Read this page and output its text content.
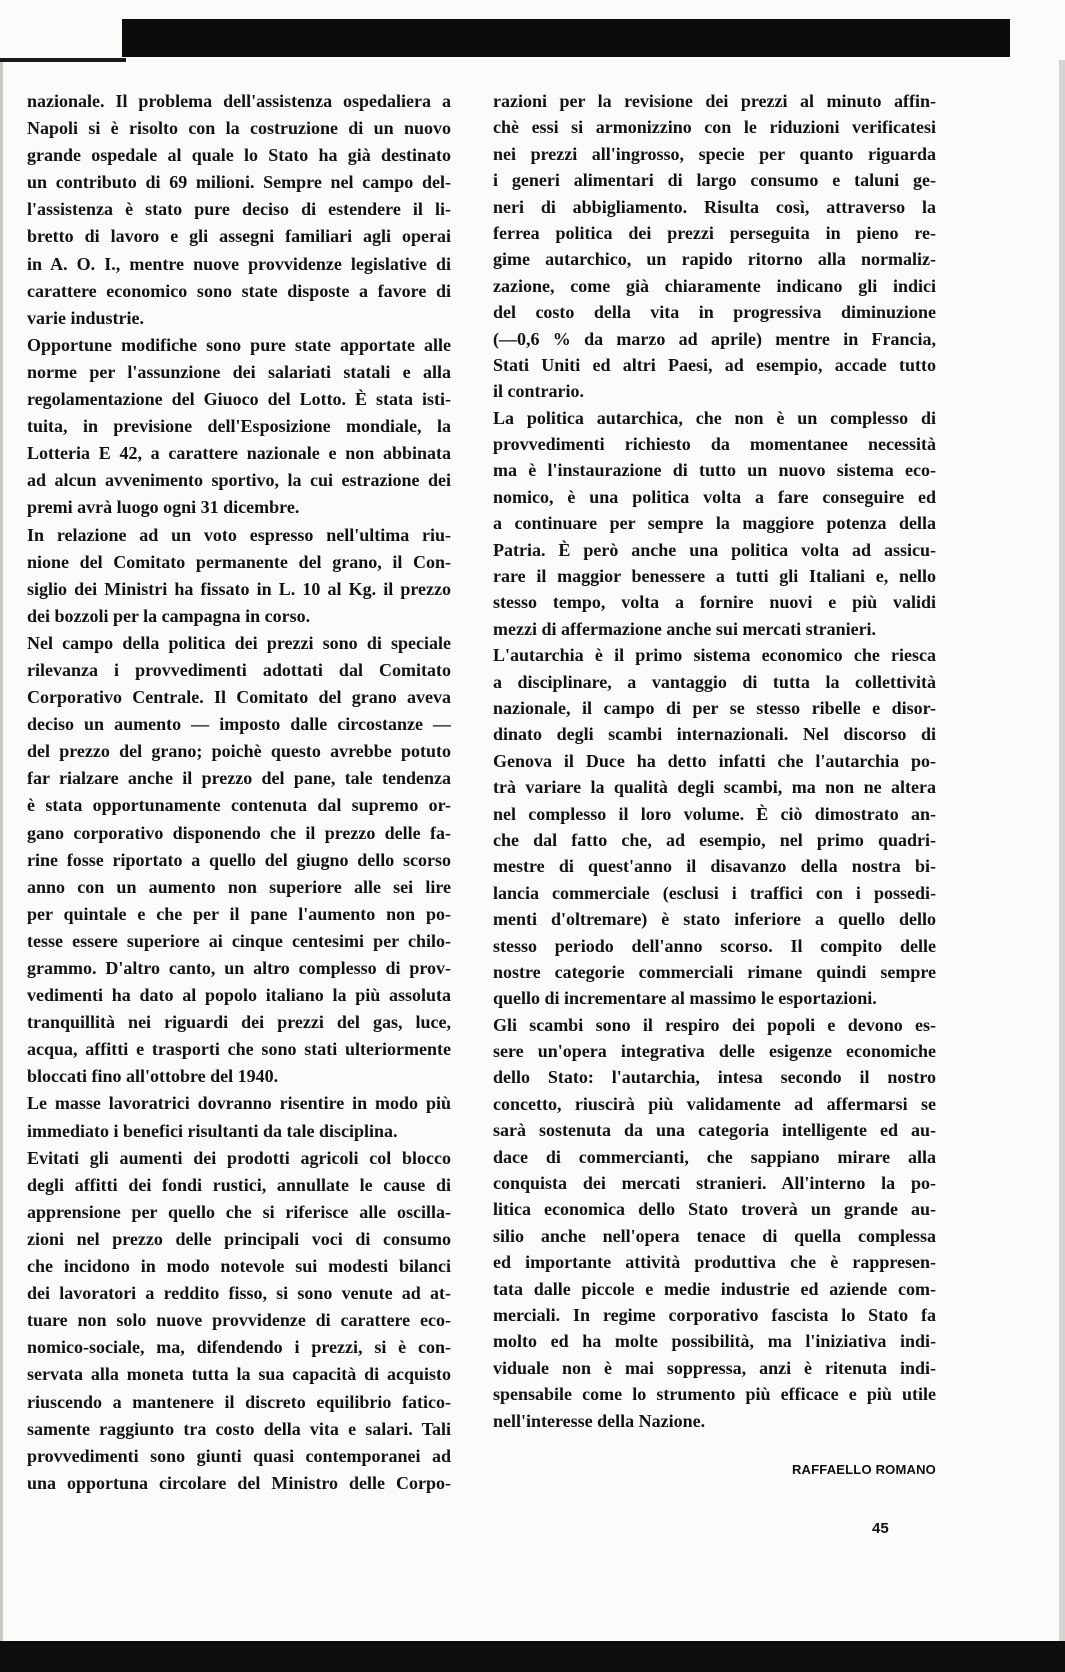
nazionale. Il problema dell'assistenza ospedaliera a
Napoli si è risolto con la costruzione di un nuovo
grande ospedale al quale lo Stato ha già destinato
un contributo di 69 milioni. Sempre nel campo del-
l'assistenza è stato pure deciso di estendere il li-
bretto di lavoro e gli assegni familiari agli operai
in A. O. I., mentre nuove provvidenze legislative di
carattere economico sono state disposte a favore di
varie industrie.
Opportune modifiche sono pure state apportate alle
norme per l'assunzione dei salariati statali e alla
regolamentazione del Giuoco del Lotto. È stata isti-
tuita, in previsione dell'Esposizione mondiale, la
Lotteria E 42, a carattere nazionale e non abbinata
ad alcun avvenimento sportivo, la cui estrazione dei
premi avrà luogo ogni 31 dicembre.
In relazione ad un voto espresso nell'ultima riu-
nione del Comitato permanente del grano, il Con-
siglio dei Ministri ha fissato in L. 10 al Kg. il prezzo
dei bozzoli per la campagna in corso.
Nel campo della politica dei prezzi sono di speciale
rilevanza i provvedimenti adottati dal Comitato
Corporativo Centrale. Il Comitato del grano aveva
deciso un aumento — imposto dalle circostanze —
del prezzo del grano; poichè questo avrebbe potuto
far rialzare anche il prezzo del pane, tale tendenza
è stata opportunamente contenuta dal supremo or-
gano corporativo disponendo che il prezzo delle fa-
rine fosse riportato a quello del giugno dello scorso
anno con un aumento non superiore alle sei lire
per quintale e che per il pane l'aumento non po-
tesse essere superiore ai cinque centesimi per chilo-
grammo. D'altro canto, un altro complesso di prov-
vedimenti ha dato al popolo italiano la più assoluta
tranquillità nei riguardi dei prezzi del gas, luce,
acqua, affitti e trasporti che sono stati ulteriormente
bloccati fino all'ottobre del 1940.
Le masse lavoratrici dovranno risentire in modo più
immediato i benefici risultanti da tale disciplina.
Evitati gli aumenti dei prodotti agricoli col blocco
degli affitti dei fondi rustici, annullate le cause di
apprensione per quello che si riferisce alle oscilla-
zioni nel prezzo delle principali voci di consumo
che incidono in modo notevole sui modesti bilanci
dei lavoratori a reddito fisso, si sono venute ad at-
tuare non solo nuove provvidenze di carattere eco-
nomico-sociale, ma, difendendo i prezzi, si è con-
servata alla moneta tutta la sua capacità di acquisto
riuscendo a mantenere il discreto equilibrio fatico-
samente raggiunto tra costo della vita e salari. Tali
provvedimenti sono giunti quasi contemporanei ad
una opportuna circolare del Ministro delle Corpo-
razioni per la revisione dei prezzi al minuto affin-
chè essi si armonizzino con le riduzioni verificatesi
nei prezzi all'ingrosso, specie per quanto riguarda
i generi alimentari di largo consumo e taluni ge-
neri di abbigliamento. Risulta così, attraverso la
ferrea politica dei prezzi perseguita in pieno re-
gime autarchico, un rapido ritorno alla normaliz-
zazione, come già chiaramente indicano gli indici
del costo della vita in progressiva diminuzione
(—0,6 % da marzo ad aprile) mentre in Francia,
Stati Uniti ed altri Paesi, ad esempio, accade tutto
il contrario.
La politica autarchica, che non è un complesso di
provvedimenti richiesto da momentanee necessità
ma è l'instaurazione di tutto un nuovo sistema eco-
nomico, è una politica volta a fare conseguire ed
a continuare per sempre la maggiore potenza della
Patria. È però anche una politica volta ad assicu-
rare il maggior benessere a tutti gli Italiani e, nello
stesso tempo, volta a fornire nuovi e più validi
mezzi di affermazione anche sui mercati stranieri.
L'autarchia è il primo sistema economico che riesca
a disciplinare, a vantaggio di tutta la collettività
nazionale, il campo di per se stesso ribelle e disor-
dinato degli scambi internazionali. Nel discorso di
Genova il Duce ha detto infatti che l'autarchia po-
trà variare la qualità degli scambi, ma non ne altera
nel complesso il loro volume. È ciò dimostrato an-
che dal fatto che, ad esempio, nel primo quadri-
mestre di quest'anno il disavanzo della nostra bi-
lancia commerciale (esclusi i traffici con i possedi-
menti d'oltremare) è stato inferiore a quello dello
stesso periodo dell'anno scorso. Il compito delle
nostre categorie commerciali rimane quindi sempre
quello di incrementare al massimo le esportazioni.
Gli scambi sono il respiro dei popoli e devono es-
sere un'opera integrativa delle esigenze economiche
dello Stato: l'autarchia, intesa secondo il nostro
concetto, riuscirà più validamente ad affermarsi se
sarà sostenuta da una categoria intelligente ed au-
dace di commercianti, che sappiano mirare alla
conquista dei mercati stranieri. All'interno la po-
litica economica dello Stato troverà un grande au-
silio anche nell'opera tenace di quella complessa
ed importante attività produttiva che è rappresen-
tata dalle piccole e medie industrie ed aziende com-
merciali. In regime corporativo fascista lo Stato fa
molto ed ha molte possibilità, ma l'iniziativa indi-
viduale non è mai soppressa, anzi è ritenuta indi-
spensabile come lo strumento più efficace e più utile
nell'interesse della Nazione.
RAFFAELLO ROMANO
45
